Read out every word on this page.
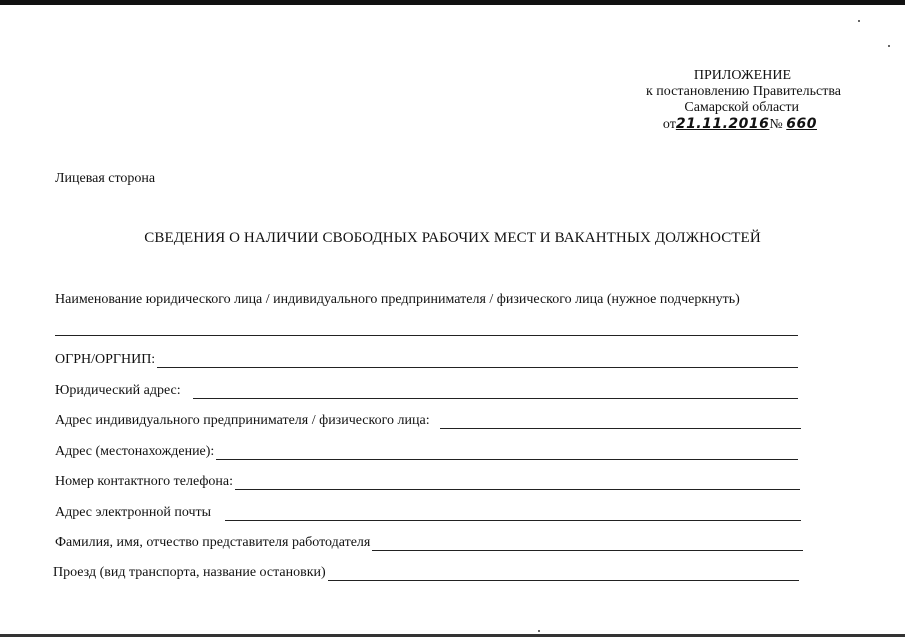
ПРИЛОЖЕНИЕ
к постановлению Правительства
Самарской области
от21.11.2016№ 660
Лицевая сторона
СВЕДЕНИЯ О НАЛИЧИИ СВОБОДНЫХ РАБОЧИХ МЕСТ И ВАКАНТНЫХ ДОЛЖНОСТЕЙ
Наименование юридического лица / индивидуального предпринимателя / физического лица (нужное подчеркнуть)
ОГРН/ОРГНИП:
Юридический адрес:
Адрес индивидуального предпринимателя / физического лица:
Адрес (местонахождение):
Номер контактного телефона:
Адрес электронной почты
Фамилия, имя, отчество представителя работодателя
Проезд (вид транспорта, название остановки)
